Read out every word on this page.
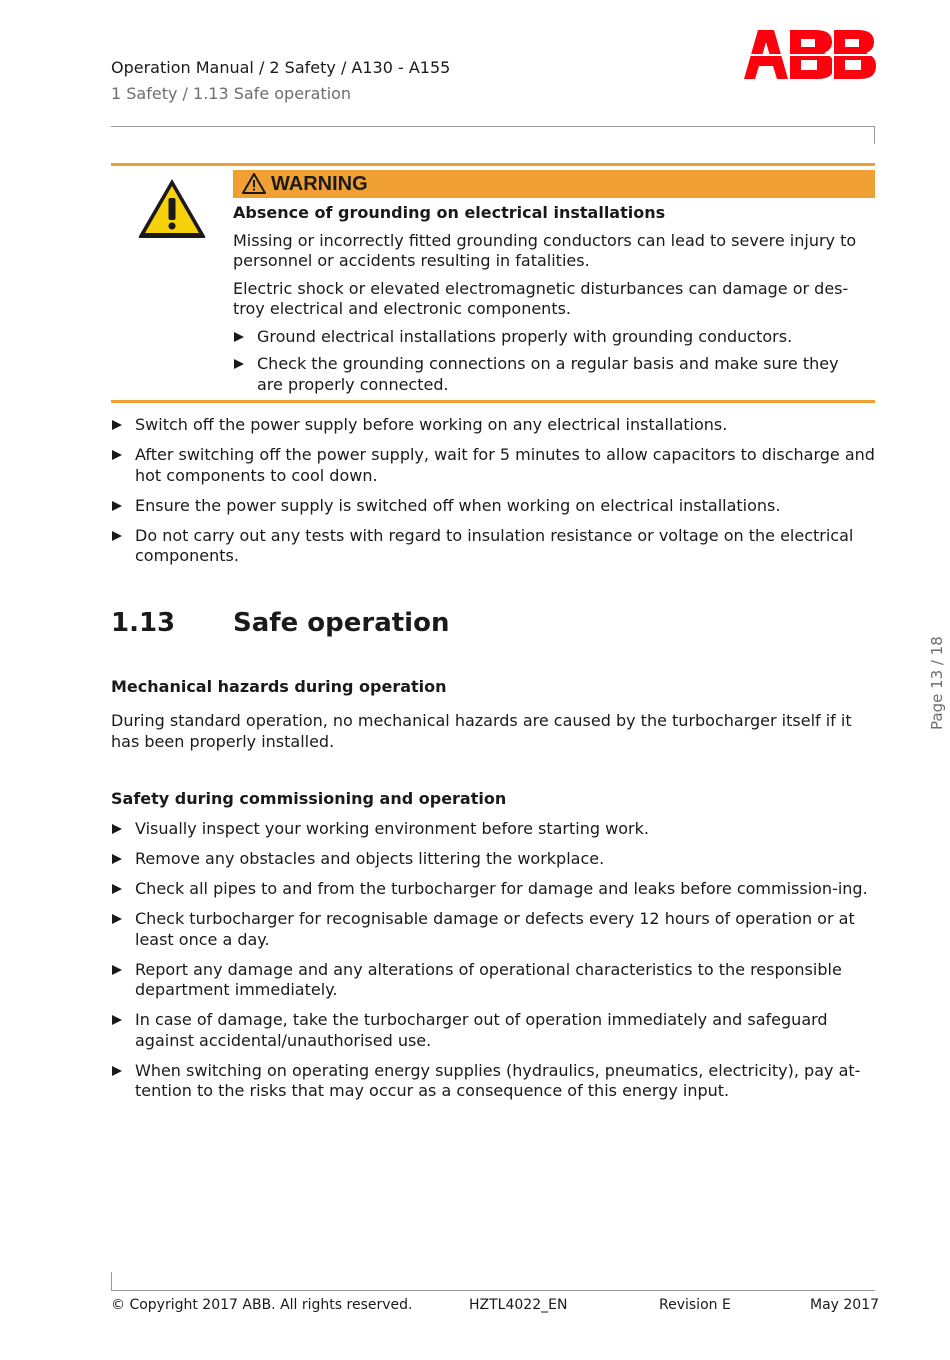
Operation Manual / 2 Safety / A130 - A155
1 Safety / 1.13 Safe operation
WARNING
Absence of grounding on electrical installations

Missing or incorrectly fitted grounding conductors can lead to severe injury to personnel or accidents resulting in fatalities.

Electric shock or elevated electromagnetic disturbances can damage or des-troy electrical and electronic components.

Ground electrical installations properly with grounding conductors.
Check the grounding connections on a regular basis and make sure they are properly connected.
Switch off the power supply before working on any electrical installations.
After switching off the power supply, wait for 5 minutes to allow capacitors to discharge and hot components to cool down.
Ensure the power supply is switched off when working on electrical installations.
Do not carry out any tests with regard to insulation resistance or voltage on the electrical components.
1.13 Safe operation
Mechanical hazards during operation

During standard operation, no mechanical hazards are caused by the turbocharger itself if it has been properly installed.

Safety during commissioning and operation
Visually inspect your working environment before starting work.
Remove any obstacles and objects littering the workplace.
Check all pipes to and from the turbocharger for damage and leaks before commission-ing.
Check turbocharger for recognisable damage or defects every 12 hours of operation or at least once a day.
Report any damage and any alterations of operational characteristics to the responsible department immediately.
In case of damage, take the turbocharger out of operation immediately and safeguard against accidental/unauthorised use.
When switching on operating energy supplies (hydraulics, pneumatics, electricity), pay at-tention to the risks that may occur as a consequence of this energy input.
Page 13 / 18
© Copyright 2017 ABB. All rights reserved.	HZTL4022_EN	Revision E	May 2017
